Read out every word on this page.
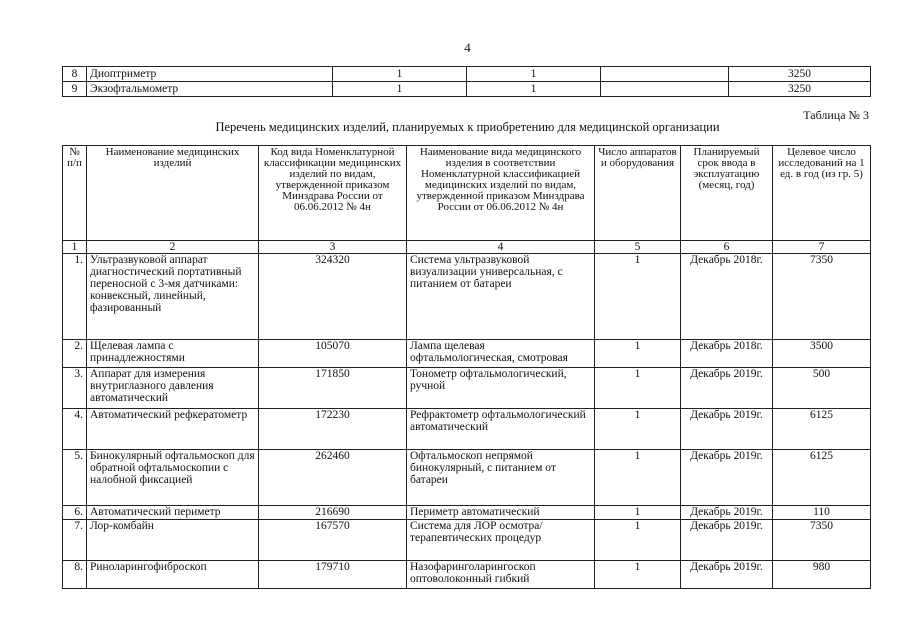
4
8	Диоптриметр	1	1		3250
9	Экзофтальмометр	1	1		3250
Таблица № 3
Перечень медицинских изделий, планируемых к приобретению для медицинской организации
№ п/п	Наименование медицинских изделий	Код вида Номенклатурной классификации медицинских изделий по видам, утвержденной приказом Минздрава России от 06.06.2012 № 4н	Наименование вида медицинского изделия в соответствии Номенклатурной классификацией медицинских изделий по видам, утвержденной приказом Минздрава России от 06.06.2012 № 4н	Число аппаратов и оборудования	Планируемый срок ввода в эксплуатацию (месяц, год)	Целевое число исследований на 1 ед. в год (из гр. 5)
1	2	3	4	5	6	7
1.	Ультразвуковой аппарат диагностический портативный переносной с 3-мя датчиками: конвексный, линейный, фазированный	324320	Система ультразвуковой визуализации универсальная, с питанием от батареи	1	Декабрь 2018г.	7350
2.	Щелевая лампа с принадлежностями	105070	Лампа щелевая офтальмологическая, смотровая	1	Декабрь 2018г.	3500
3.	Аппарат для измерения внутриглазного давления автоматический	171850	Тонометр офтальмологический, ручной	1	Декабрь 2019г.	500
4.	Автоматический рефкератометр	172230	Рефрактометр офтальмологический автоматический	1	Декабрь 2019г.	6125
5.	Бинокулярный офтальмоскоп для обратной офтальмоскопии с налобной фиксацией	262460	Офтальмоскоп непрямой бинокулярный, с питанием от батареи	1	Декабрь 2019г.	6125
6.	Автоматический периметр	216690	Периметр автоматический	1	Декабрь 2019г.	110
7.	Лор-комбайн	167570	Система для ЛОР осмотра/терапевтических процедур	1	Декабрь 2019г.	7350
8.	Риноларингофиброскоп	179710	Назофаринголарингоскоп оптоволоконный гибкий	1	Декабрь 2019г.	980
